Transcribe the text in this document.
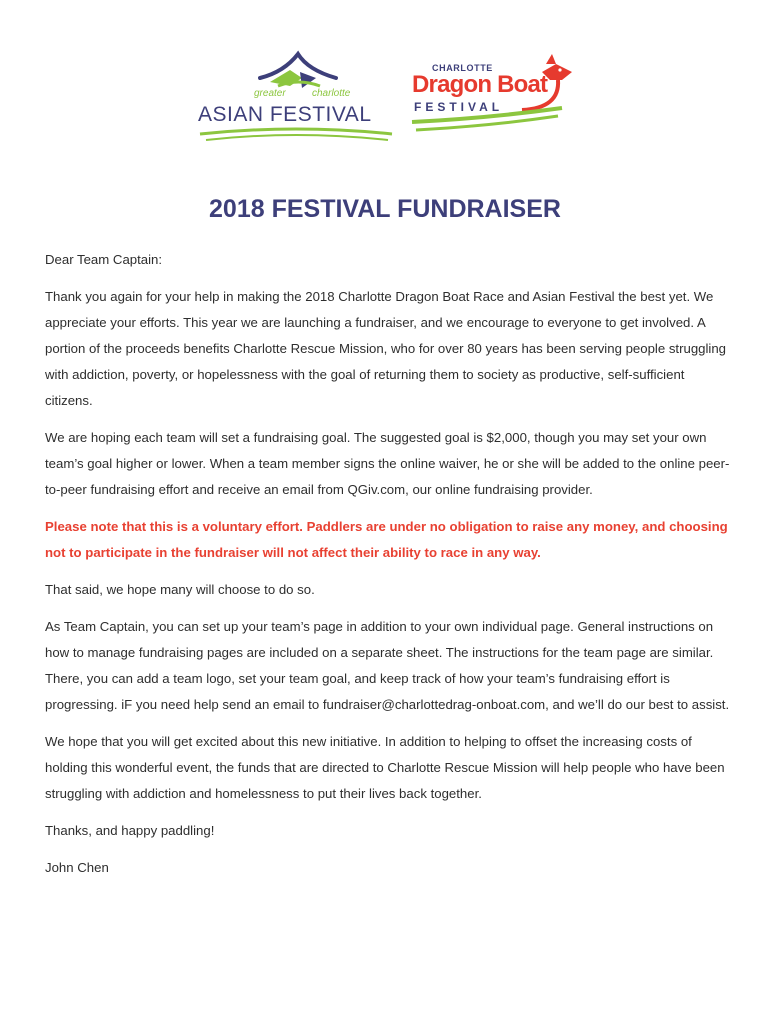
greater	charlotte
ASIAN FESTIVAL
CHARLOTTE
Dragon Boat
FESTIVAL
2018 FESTIVAL FUNDRAISER

Dear Team Captain:

Thank you again for your help in making the 2018 Charlotte Dragon Boat Race and Asian Festival the best yet. We appreciate your efforts. This year we are launching a fundraiser, and we encourage to everyone to get involved. A portion of the proceeds benefits Charlotte Rescue Mission, who for over 80 years has been serving people struggling with addiction, poverty, or hopelessness with the goal of returning them to society as productive, self-sufficient citizens.

We are hoping each team will set a fundraising goal. The suggested goal is $2,000, though you may set your own team’s goal higher or lower. When a team member signs the online waiver, he or she will be added to the online peer-to-peer fundraising effort and receive an email from QGiv.com, our online fundraising provider.

Please note that this is a voluntary effort. Paddlers are under no obligation to raise any money, and choosing not to participate in the fundraiser will not affect their ability to race in any way.

That said, we hope many will choose to do so.

As Team Captain, you can set up your team’s page in addition to your own individual page. General instructions on how to manage fundraising pages are included on a separate sheet. The instructions for the team page are similar. There, you can add a team logo, set your team goal, and keep track of how your team’s fundraising effort is progressing. iF you need help send an email to fundraiser@charlottedrag-onboat.com, and we’ll do our best to assist.

We hope that you will get excited about this new initiative. In addition to helping to offset the increasing costs of holding this wonderful event, the funds that are directed to Charlotte Rescue Mission will help people who have been struggling with addiction and homelessness to put their lives back together.

Thanks, and happy paddling!

John Chen
